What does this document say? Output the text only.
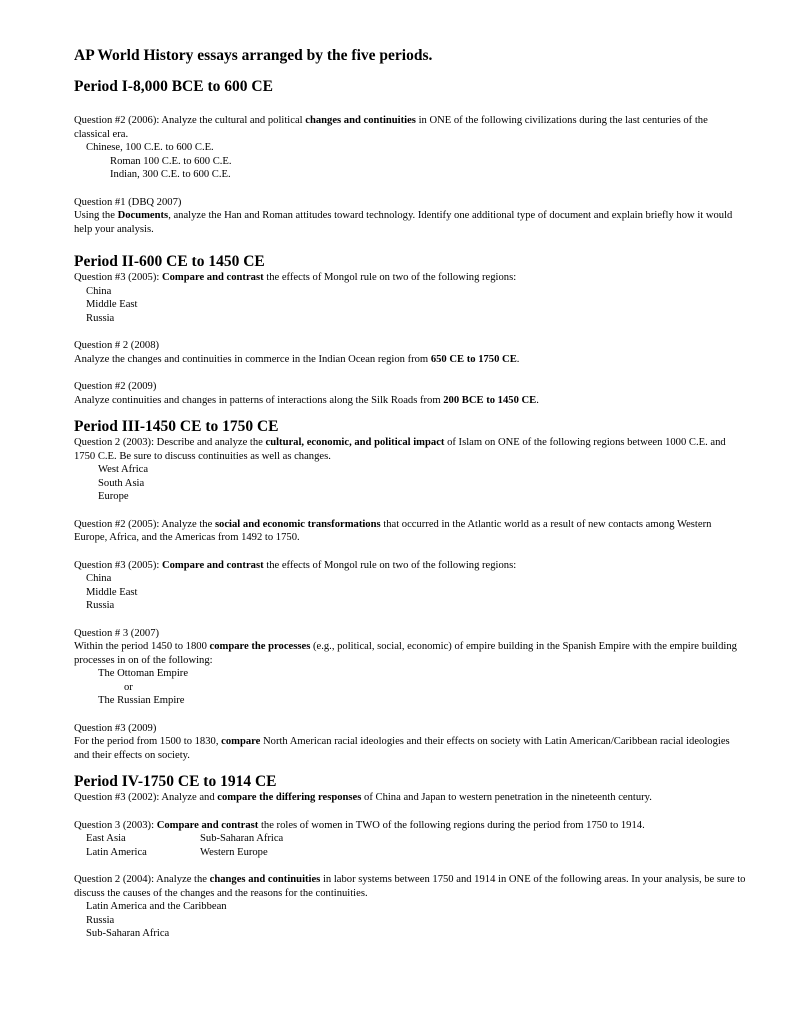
AP World History essays arranged by the five periods.
Period I-8,000 BCE to 600 CE

Question #2 (2006): Analyze the cultural and political changes and continuities in ONE of the following civilizations during the last centuries of the classical era.

Chinese, 100 C.E. to 600 C.E.
Roman 100 C.E. to 600 C.E.
Indian, 300 C.E. to 600 C.E.
Question #1 (DBQ 2007)

Using the Documents, analyze the Han and Roman attitudes toward technology. Identify one additional type of document and explain briefly how it would help your analysis.

Period II-600 CE to 1450 CE

Question #3 (2005): Compare and contrast the effects of Mongol rule on two of the following regions:

China
Middle East
Russia
Question # 2 (2008)

Analyze the changes and continuities in commerce in the Indian Ocean region from 650 CE to 1750 CE.

Question #2 (2009)

Analyze continuities and changes in patterns of interactions along the Silk Roads from 200 BCE to 1450 CE.

Period III-1450 CE to 1750 CE

Question 2 (2003): Describe and analyze the cultural, economic, and political impact of Islam on ONE of the following regions between 1000 C.E. and 1750 C.E. Be sure to discuss continuities as well as changes.

West Africa
South Asia
Europe

Question #2 (2005): Analyze the social and economic transformations that occurred in the Atlantic world as a result of new contacts among Western Europe, Africa, and the Americas from 1492 to 1750.

Question #3 (2005): Compare and contrast the effects of Mongol rule on two of the following regions:

China
Middle East
Russia
Question # 3 (2007)

Within the period 1450 to 1800 compare the processes (e.g., political, social, economic) of empire building in the Spanish Empire with the empire building processes in on of the following:

The Ottoman Empire
or
The Russian Empire
Question #3 (2009)

For the period from 1500 to 1830, compare North American racial ideologies and their effects on society with Latin American/Caribbean racial ideologies and their effects on society.

Period IV-1750 CE to 1914 CE

Question #3 (2002): Analyze and compare the differing responses of China and Japan to western penetration in the nineteenth century.

Question 3 (2003): Compare and contrast the roles of women in TWO of the following regions during the period from 1750 to 1914.

East Asia	Sub-Saharan Africa
Latin America	Western Europe

Question 2 (2004): Analyze the changes and continuities in labor systems between 1750 and 1914 in ONE of the following areas. In your analysis, be sure to discuss the causes of the changes and the reasons for the continuities.

Latin America and the Caribbean
Russia
Sub-Saharan Africa
